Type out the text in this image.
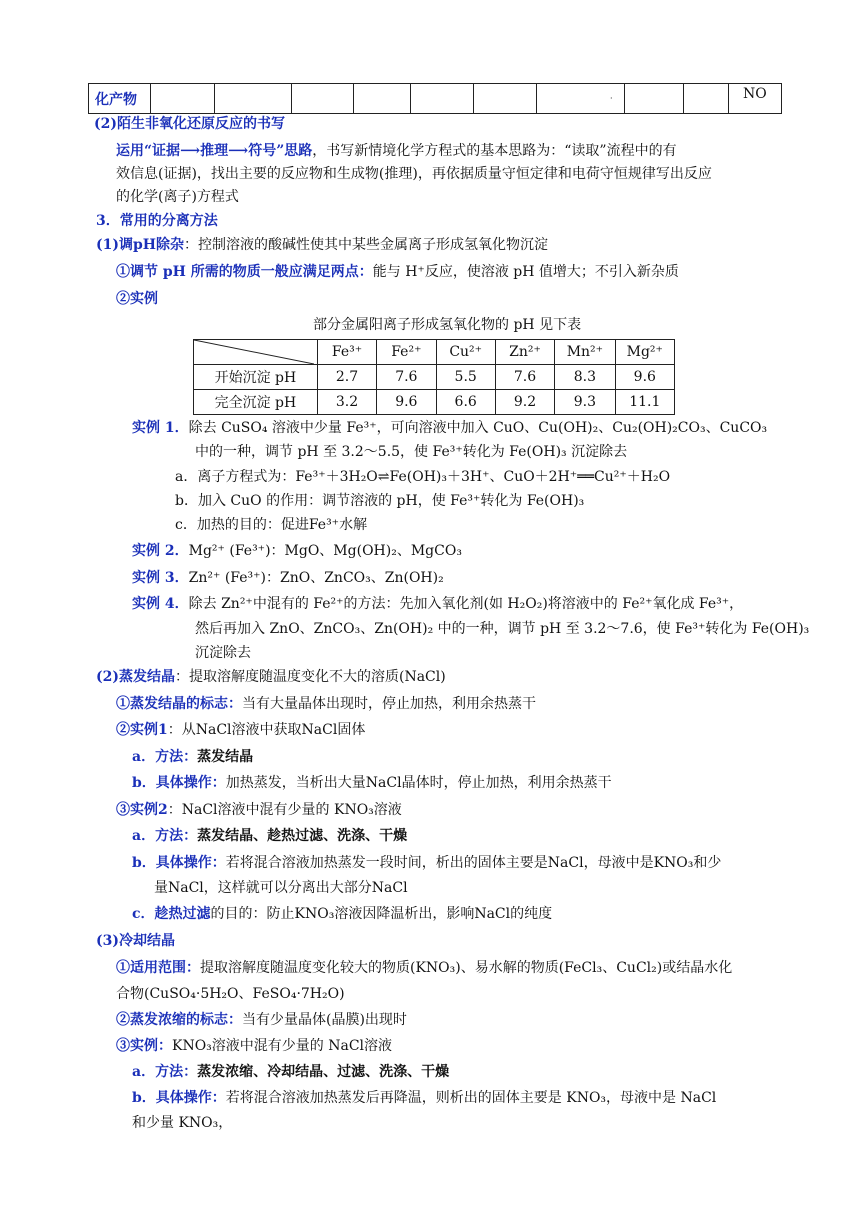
化产物							·			NO
(2)陌生非氧化还原反应的书写
运用“证据⟶推理⟶符号”思路，书写新情境化学方程式的基本思路为：“读取”流程中的有
效信息(证据)，找出主要的反应物和生成物(推理)，再依据质量守恒定律和电荷守恒规律写出反应
的化学(离子)方程式
3．常用的分离方法
(1)调pH除杂：控制溶液的酸碱性使其中某些金属离子形成氢氧化物沉淀
①调节 pH 所需的物质一般应满足两点：能与 H⁺反应，使溶液 pH 值增大；不引入新杂质
②实例
部分金属阳离子形成氢氧化物的 pH 见下表
	Fe³⁺	Fe²⁺	Cu²⁺	Zn²⁺	Mn²⁺	Mg²⁺
开始沉淀 pH	2.7	7.6	5.5	7.6	8.3	9.6
完全沉淀 pH	3.2	9.6	6.6	9.2	9.3	11.1
实例 1．除去 CuSO₄ 溶液中少量 Fe³⁺，可向溶液中加入 CuO、Cu(OH)₂、Cu₂(OH)₂CO₃、CuCO₃
中的一种，调节 pH 至 3.2～5.5，使 Fe³⁺转化为 Fe(OH)₃ 沉淀除去
a．离子方程式为：Fe³⁺＋3H₂O⇌Fe(OH)₃＋3H⁺、CuO＋2H⁺══Cu²⁺＋H₂O
b．加入 CuO 的作用：调节溶液的 pH，使 Fe³⁺转化为 Fe(OH)₃
c．加热的目的：促进Fe³⁺水解
实例 2．Mg²⁺ (Fe³⁺)：MgO、Mg(OH)₂、MgCO₃
实例 3．Zn²⁺ (Fe³⁺)：ZnO、ZnCO₃、Zn(OH)₂
实例 4．除去 Zn²⁺中混有的 Fe²⁺的方法：先加入氧化剂(如 H₂O₂)将溶液中的 Fe²⁺氧化成 Fe³⁺，
然后再加入 ZnO、ZnCO₃、Zn(OH)₂ 中的一种，调节 pH 至 3.2～7.6，使 Fe³⁺转化为 Fe(OH)₃
沉淀除去
(2)蒸发结晶：提取溶解度随温度变化不大的溶质(NaCl)
①蒸发结晶的标志：当有大量晶体出现时，停止加热，利用余热蒸干
②实例1：从NaCl溶液中获取NaCl固体
a．方法：蒸发结晶
b．具体操作：加热蒸发，当析出大量NaCl晶体时，停止加热，利用余热蒸干
③实例2：NaCl溶液中混有少量的 KNO₃溶液
a．方法：蒸发结晶、趁热过滤、洗涤、干燥
b．具体操作：若将混合溶液加热蒸发一段时间，析出的固体主要是NaCl，母液中是KNO₃和少
量NaCl，这样就可以分离出大部分NaCl
c．趁热过滤的目的：防止KNO₃溶液因降温析出，影响NaCl的纯度
(3)冷却结晶
①适用范围：提取溶解度随温度变化较大的物质(KNO₃)、易水解的物质(FeCl₃、CuCl₂)或结晶水化
合物(CuSO₄·5H₂O、FeSO₄·7H₂O)
②蒸发浓缩的标志：当有少量晶体(晶膜)出现时
③实例：KNO₃溶液中混有少量的 NaCl溶液
a．方法：蒸发浓缩、冷却结晶、过滤、洗涤、干燥
b．具体操作：若将混合溶液加热蒸发后再降温，则析出的固体主要是 KNO₃，母液中是 NaCl
和少量 KNO₃，
